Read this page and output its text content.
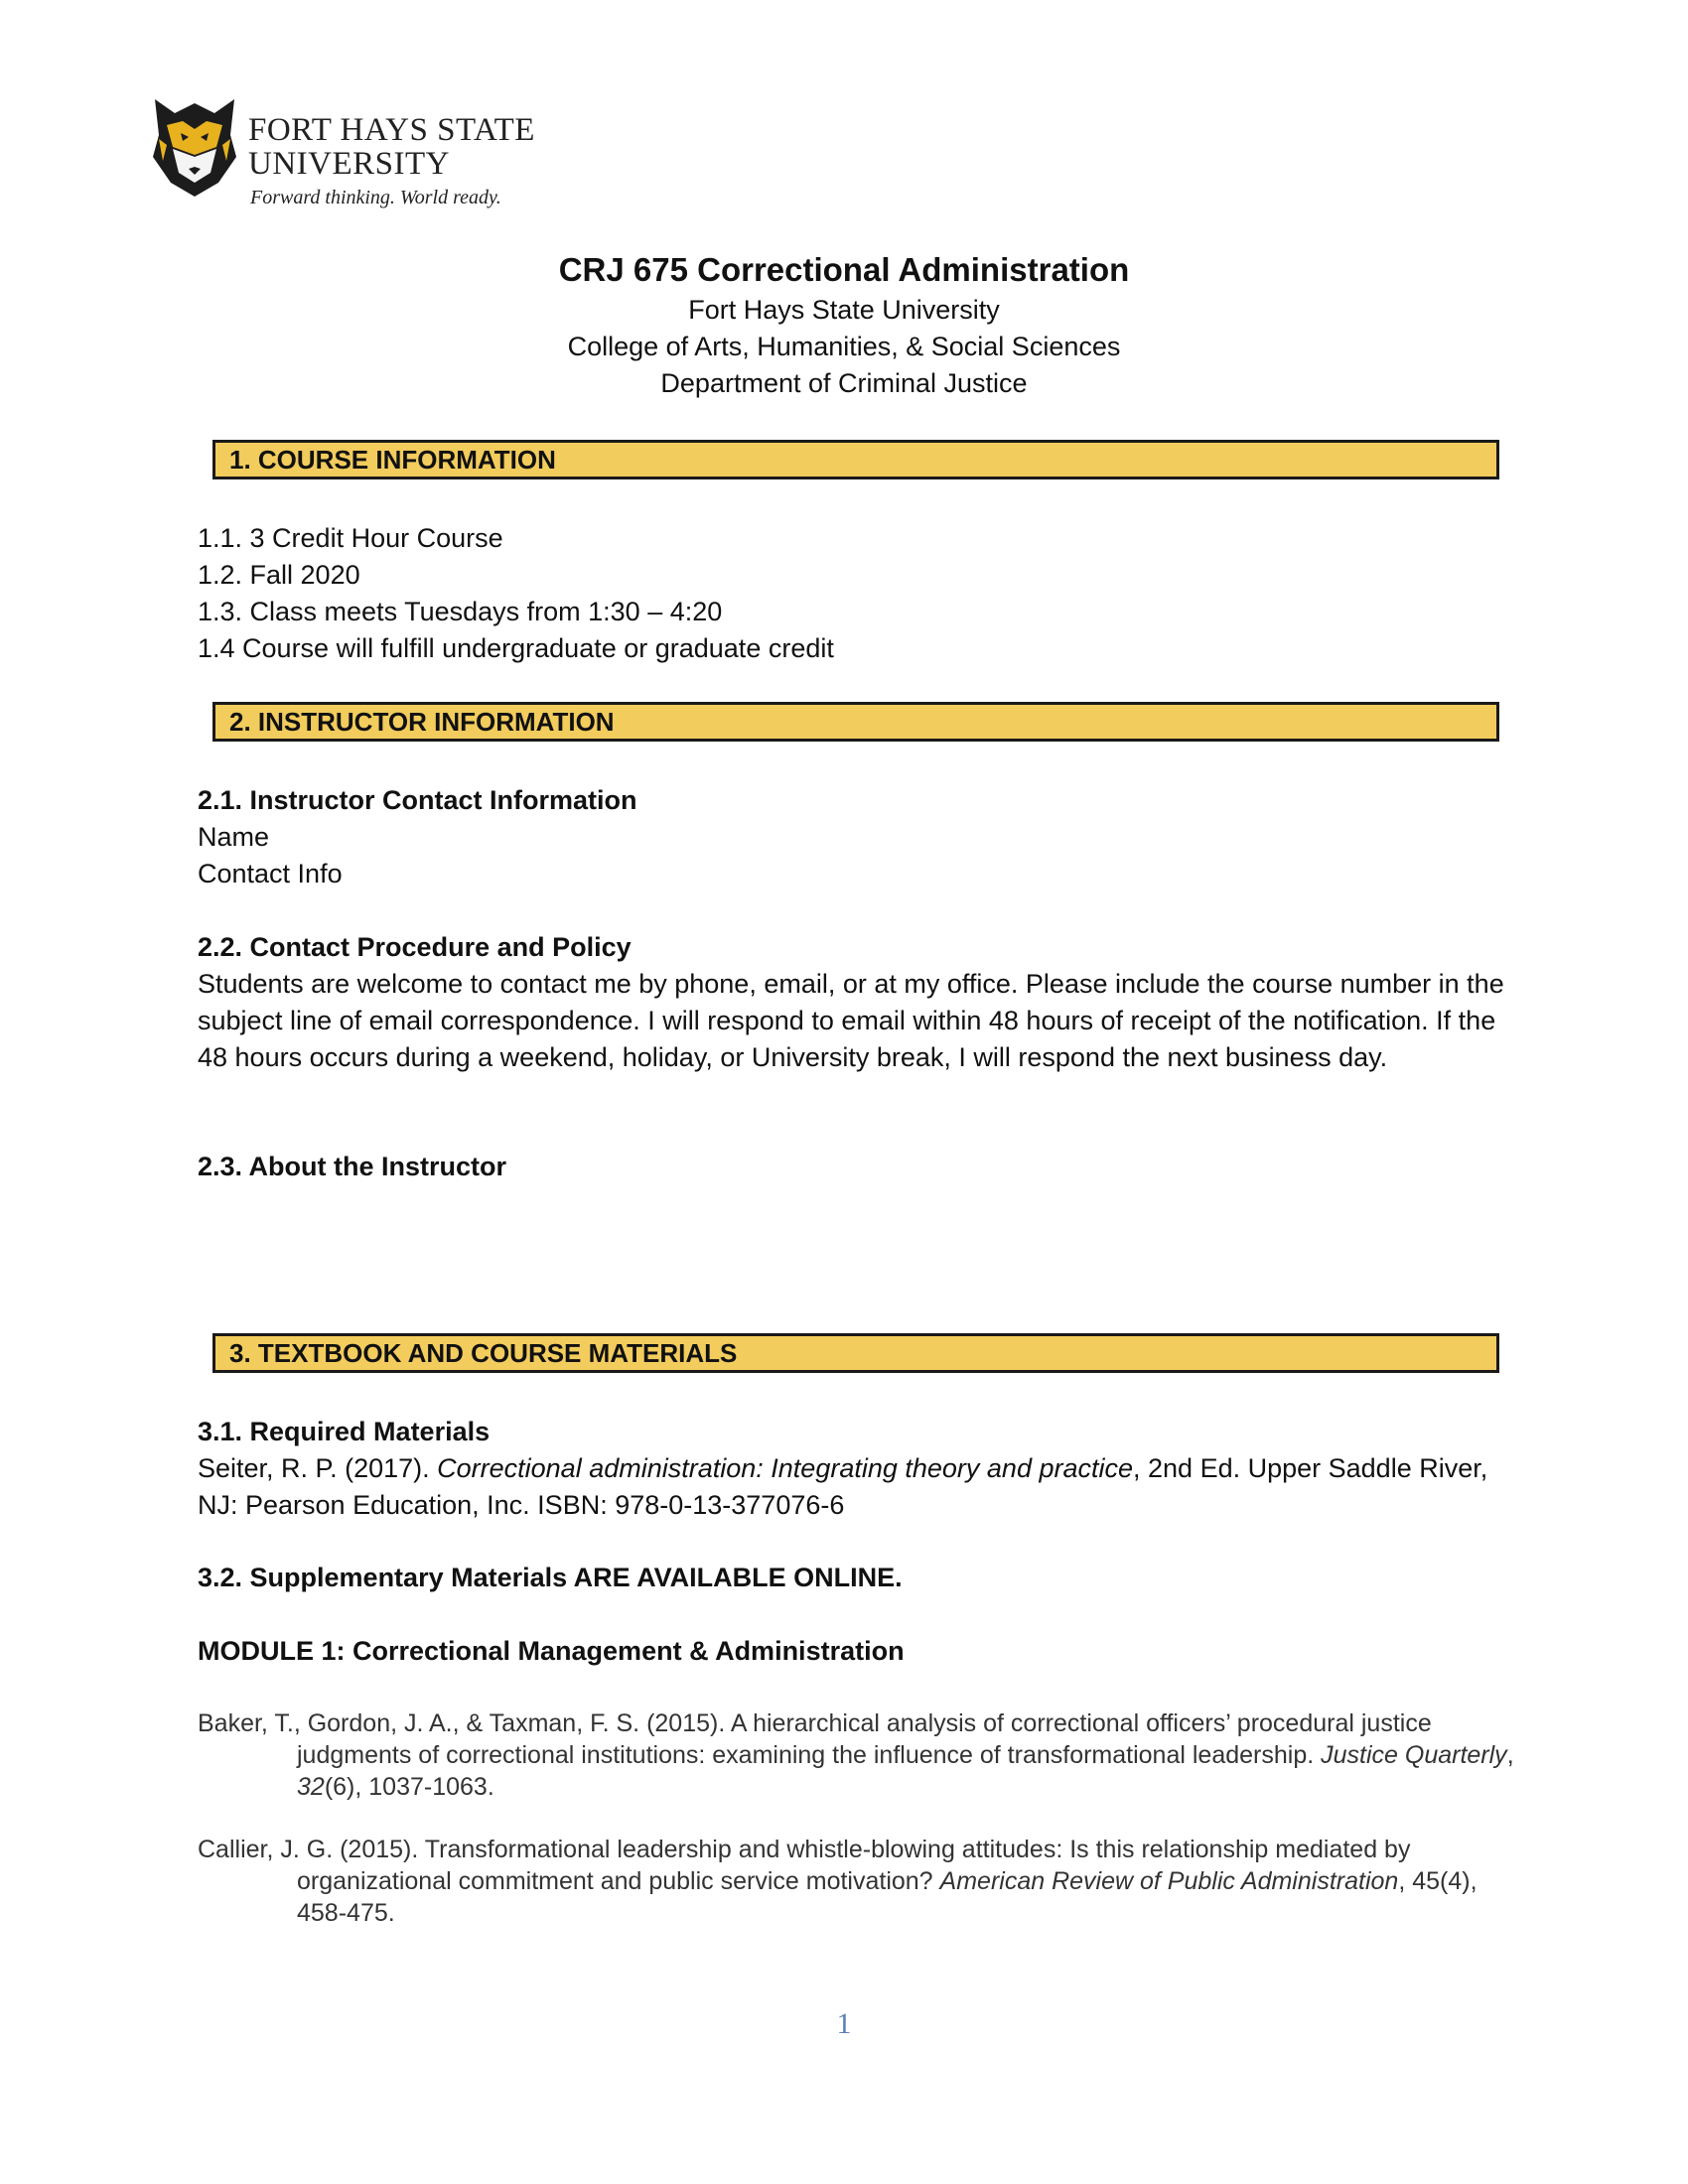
FORT HAYS STATE
UNIVERSITY
Forward thinking. World ready.
CRJ 675 Correctional Administration
Fort Hays State University
College of Arts, Humanities, & Social Sciences
Department of Criminal Justice
1. COURSE INFORMATION
1.1. 3 Credit Hour Course
1.2. Fall 2020
1.3. Class meets Tuesdays from 1:30 – 4:20
1.4 Course will fulfill undergraduate or graduate credit
2. INSTRUCTOR INFORMATION
2.1. Instructor Contact Information
Name
Contact Info
2.2. Contact Procedure and Policy
Students are welcome to contact me by phone, email, or at my office. Please include the course number in the subject line of email correspondence. I will respond to email within 48 hours of receipt of the notification. If the 48 hours occurs during a weekend, holiday, or University break, I will respond the next business day.
2.3. About the Instructor
3. TEXTBOOK AND COURSE MATERIALS
3.1. Required Materials
Seiter, R. P. (2017). Correctional administration: Integrating theory and practice, 2nd Ed. Upper Saddle River, NJ: Pearson Education, Inc. ISBN: 978-0-13-377076-6
3.2. Supplementary Materials ARE AVAILABLE ONLINE.
MODULE 1: Correctional Management & Administration
Baker, T., Gordon, J. A., & Taxman, F. S. (2015). A hierarchical analysis of correctional officers’ procedural justice judgments of correctional institutions: examining the influence of transformational leadership. Justice Quarterly, 32(6), 1037-1063.
Callier, J. G. (2015). Transformational leadership and whistle-blowing attitudes: Is this relationship mediated by organizational commitment and public service motivation? American Review of Public Administration, 45(4), 458-475.
1
